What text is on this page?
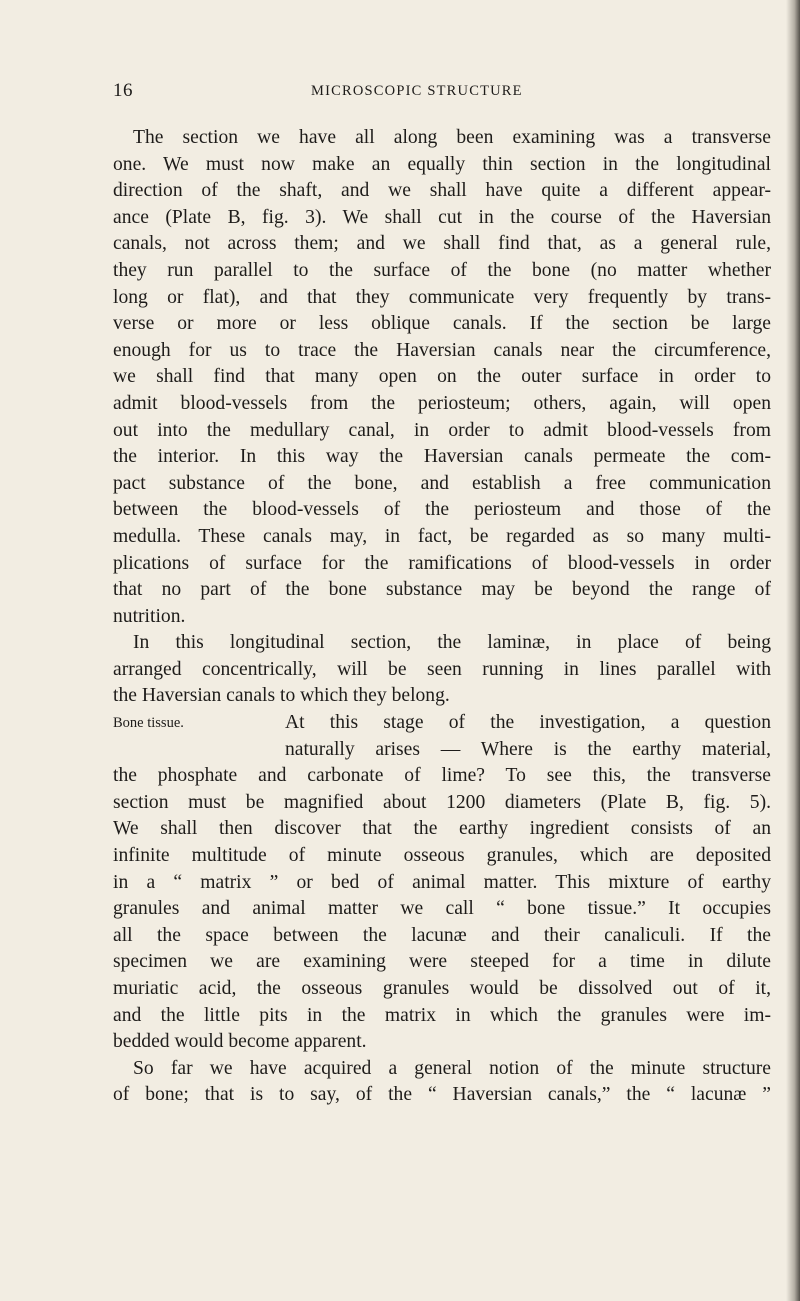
16	MICROSCOPIC STRUCTURE
The section we have all along been examining was a transverse
one. We must now make an equally thin section in the longitudinal
direction of the shaft, and we shall have quite a different appear-
ance (Plate B, fig. 3). We shall cut in the course of the Haversian
canals, not across them; and we shall find that, as a general rule,
they run parallel to the surface of the bone (no matter whether
long or flat), and that they communicate very frequently by trans-
verse or more or less oblique canals. If the section be large
enough for us to trace the Haversian canals near the circumference,
we shall find that many open on the outer surface in order to
admit blood-vessels from the periosteum; others, again, will open
out into the medullary canal, in order to admit blood-vessels from
the interior. In this way the Haversian canals permeate the com-
pact substance of the bone, and establish a free communication
between the blood-vessels of the periosteum and those of the
medulla. These canals may, in fact, be regarded as so many multi-
plications of surface for the ramifications of blood-vessels in order
that no part of the bone substance may be beyond the range of
nutrition.
In this longitudinal section, the laminæ, in place of being
arranged concentrically, will be seen running in lines parallel with
the Haversian canals to which they belong.
Bone tissue.	At this stage of the investigation, a question
naturally arises — Where is the earthy material,
the phosphate and carbonate of lime? To see this, the transverse
section must be magnified about 1200 diameters (Plate B, fig. 5).
We shall then discover that the earthy ingredient consists of an
infinite multitude of minute osseous granules, which are deposited
in a “ matrix ” or bed of animal matter. This mixture of earthy
granules and animal matter we call “ bone tissue.” It occupies
all the space between the lacunæ and their canaliculi. If the
specimen we are examining were steeped for a time in dilute
muriatic acid, the osseous granules would be dissolved out of it,
and the little pits in the matrix in which the granules were im-
bedded would become apparent.
So far we have acquired a general notion of the minute structure
of bone; that is to say, of the “ Haversian canals,” the “ lacunæ ”
